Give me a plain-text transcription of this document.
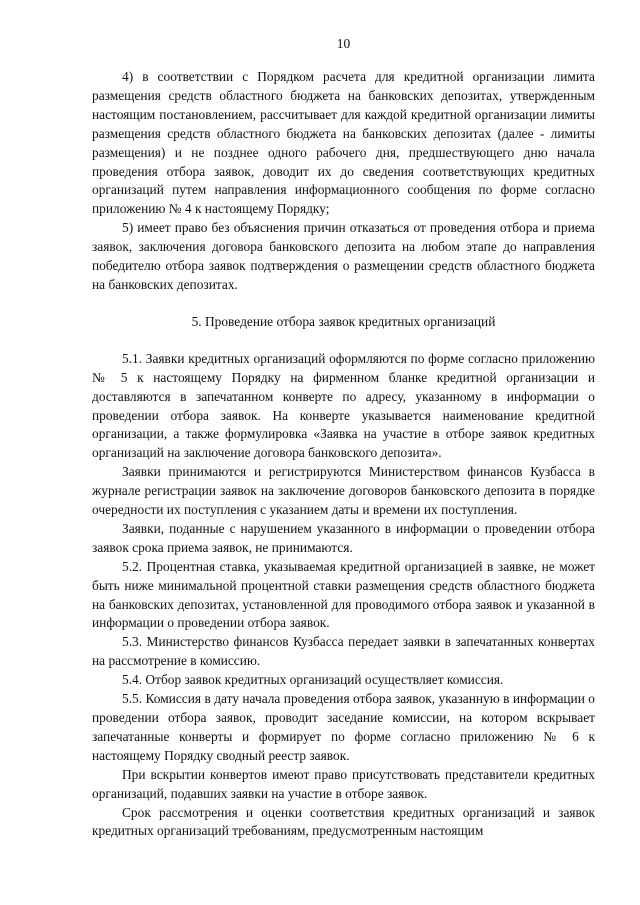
10

4) в соответствии с Порядком расчета для кредитной организации лимита размещения средств областного бюджета на банковских депозитах, утвержденным настоящим постановлением, рассчитывает для каждой кредитной организации лимиты размещения средств областного бюджета на банковских депозитах (далее - лимиты размещения) и не позднее одного рабочего дня, предшествующего дню начала проведения отбора заявок, доводит их до сведения соответствующих кредитных организаций путем направления информационного сообщения по форме согласно приложению № 4 к настоящему Порядку;

5) имеет право без объяснения причин отказаться от проведения отбора и приема заявок, заключения договора банковского депозита на любом этапе до направления победителю отбора заявок подтверждения о размещении средств областного бюджета на банковских депозитах.

5. Проведение отбора заявок кредитных организаций

5.1. Заявки кредитных организаций оформляются по форме согласно приложению № 5 к настоящему Порядку на фирменном бланке кредитной организации и доставляются в запечатанном конверте по адресу, указанному в информации о проведении отбора заявок. На конверте указывается наименование кредитной организации, а также формулировка «Заявка на участие в отборе заявок кредитных организаций на заключение договора банковского депозита».

Заявки принимаются и регистрируются Министерством финансов Кузбасса в журнале регистрации заявок на заключение договоров банковского депозита в порядке очередности их поступления с указанием даты и времени их поступления.

Заявки, поданные с нарушением указанного в информации о проведении отбора заявок срока приема заявок, не принимаются.

5.2. Процентная ставка, указываемая кредитной организацией в заявке, не может быть ниже минимальной процентной ставки размещения средств областного бюджета на банковских депозитах, установленной для проводимого отбора заявок и указанной в информации о проведении отбора заявок.

5.3. Министерство финансов Кузбасса передает заявки в запечатанных конвертах на рассмотрение в комиссию.

5.4. Отбор заявок кредитных организаций осуществляет комиссия.

5.5. Комиссия в дату начала проведения отбора заявок, указанную в информации о проведении отбора заявок, проводит заседание комиссии, на котором вскрывает запечатанные конверты и формирует по форме согласно приложению № 6 к настоящему Порядку сводный реестр заявок.

При вскрытии конвертов имеют право присутствовать представители кредитных организаций, подавших заявки на участие в отборе заявок.

Срок рассмотрения и оценки соответствия кредитных организаций и заявок кредитных организаций требованиям, предусмотренным настоящим
